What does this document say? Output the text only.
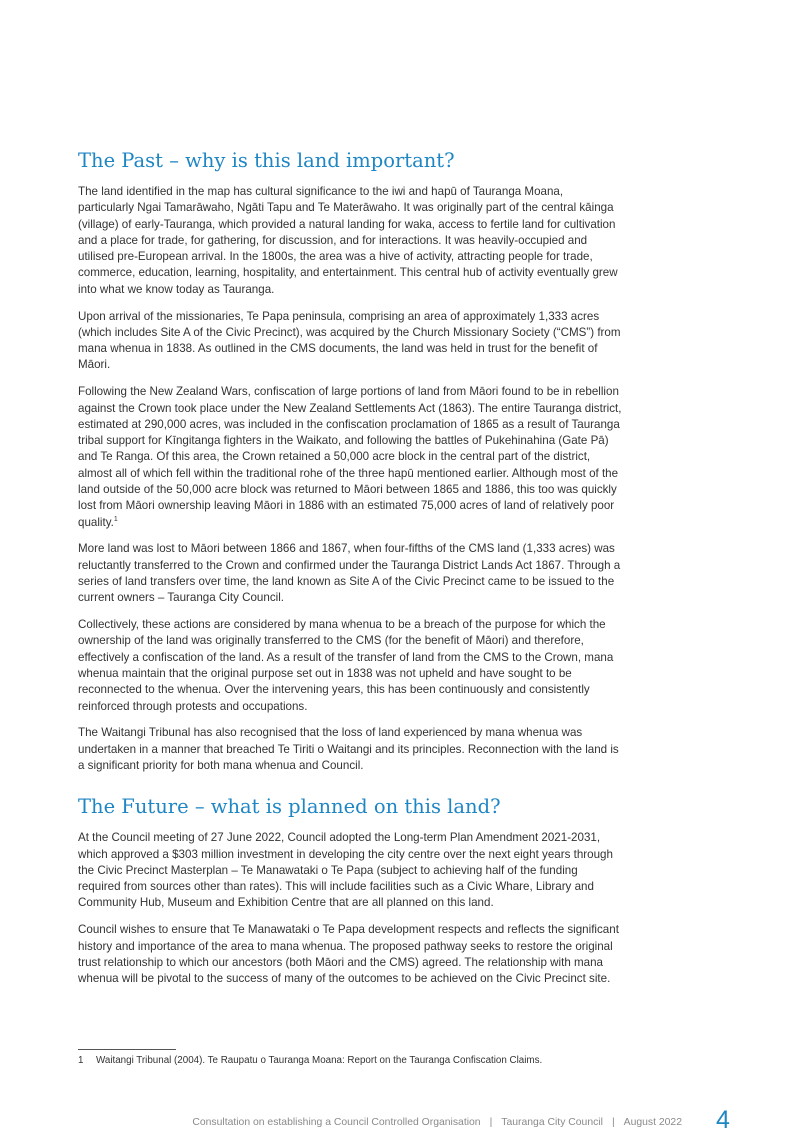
The Past – why is this land important?

The land identified in the map has cultural significance to the iwi and hapū of Tauranga Moana, particularly Ngai Tamarāwaho, Ngāti Tapu and Te Materāwaho. It was originally part of the central kāinga (village) of early-Tauranga, which provided a natural landing for waka, access to fertile land for cultivation and a place for trade, for gathering, for discussion, and for interactions. It was heavily-occupied and utilised pre-European arrival. In the 1800s, the area was a hive of activity, attracting people for trade, commerce, education, learning, hospitality, and entertainment. This central hub of activity eventually grew into what we know today as Tauranga.

Upon arrival of the missionaries, Te Papa peninsula, comprising an area of approximately 1,333 acres (which includes Site A of the Civic Precinct), was acquired by the Church Missionary Society (“CMS”) from mana whenua in 1838. As outlined in the CMS documents, the land was held in trust for the benefit of Māori.

Following the New Zealand Wars, confiscation of large portions of land from Māori found to be in rebellion against the Crown took place under the New Zealand Settlements Act (1863). The entire Tauranga district, estimated at 290,000 acres, was included in the confiscation proclamation of 1865 as a result of Tauranga tribal support for Kīngitanga fighters in the Waikato, and following the battles of Pukehinahina (Gate Pā) and Te Ranga. Of this area, the Crown retained a 50,000 acre block in the central part of the district, almost all of which fell within the traditional rohe of the three hapū mentioned earlier. Although most of the land outside of the 50,000 acre block was returned to Māori between 1865 and 1886, this too was quickly lost from Māori ownership leaving Māori in 1886 with an estimated 75,000 acres of land of relatively poor quality.$^1$

More land was lost to Māori between 1866 and 1867, when four-fifths of the CMS land (1,333 acres) was reluctantly transferred to the Crown and confirmed under the Tauranga District Lands Act 1867. Through a series of land transfers over time, the land known as Site A of the Civic Precinct came to be issued to the current owners – Tauranga City Council.

Collectively, these actions are considered by mana whenua to be a breach of the purpose for which the ownership of the land was originally transferred to the CMS (for the benefit of Māori) and therefore, effectively a confiscation of the land. As a result of the transfer of land from the CMS to the Crown, mana whenua maintain that the original purpose set out in 1838 was not upheld and have sought to be reconnected to the whenua. Over the intervening years, this has been continuously and consistently reinforced through protests and occupations.

The Waitangi Tribunal has also recognised that the loss of land experienced by mana whenua was undertaken in a manner that breached Te Tiriti o Waitangi and its principles. Reconnection with the land is a significant priority for both mana whenua and Council.

The Future – what is planned on this land?

At the Council meeting of 27 June 2022, Council adopted the Long-term Plan Amendment 2021-2031, which approved a $303 million investment in developing the city centre over the next eight years through the Civic Precinct Masterplan – Te Manawataki o Te Papa (subject to achieving half of the funding required from sources other than rates). This will include facilities such as a Civic Whare, Library and Community Hub, Museum and Exhibition Centre that are all planned on this land.

Council wishes to ensure that Te Manawataki o Te Papa development respects and reflects the significant history and importance of the area to mana whenua. The proposed pathway seeks to restore the original trust relationship to which our ancestors (both Māori and the CMS) agreed. The relationship with mana whenua will be pivotal to the success of many of the outcomes to be achieved on the Civic Precinct site.

1 Waitangi Tribunal (2004). Te Raupatu o Tauranga Moana: Report on the Tauranga Confiscation Claims.
Consultation on establishing a Council Controlled Organisation | Tauranga City Council | August 2022 4
